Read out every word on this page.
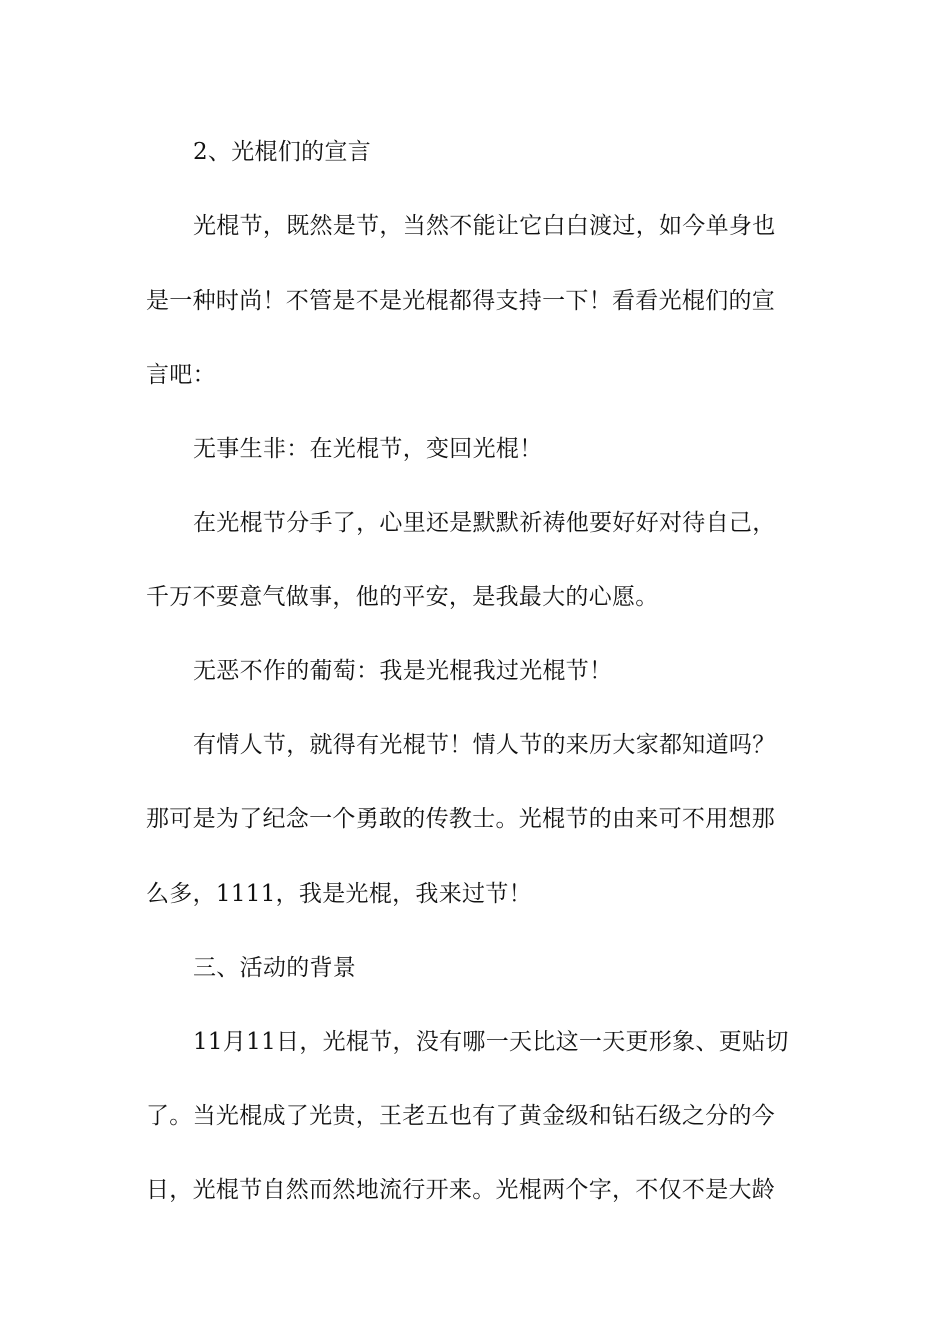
2、光棍们的宣言
光棍节，既然是节，当然不能让它白白渡过，如今单身也
是一种时尚！不管是不是光棍都得支持一下！看看光棍们的宣
言吧：
无事生非：在光棍节，变回光棍！
在光棍节分手了，心里还是默默祈祷他要好好对待自己，
千万不要意气做事，他的平安，是我最大的心愿。
无恶不作的葡萄：我是光棍我过光棍节！
有情人节，就得有光棍节！情人节的来历大家都知道吗？
那可是为了纪念一个勇敢的传教士。光棍节的由来可不用想那
么多，1111，我是光棍，我来过节！
三、活动的背景
11月11日，光棍节，没有哪一天比这一天更形象、更贴切
了。当光棍成了光贵，王老五也有了黄金级和钻石级之分的今
日，光棍节自然而然地流行开来。光棍两个字，不仅不是大龄
